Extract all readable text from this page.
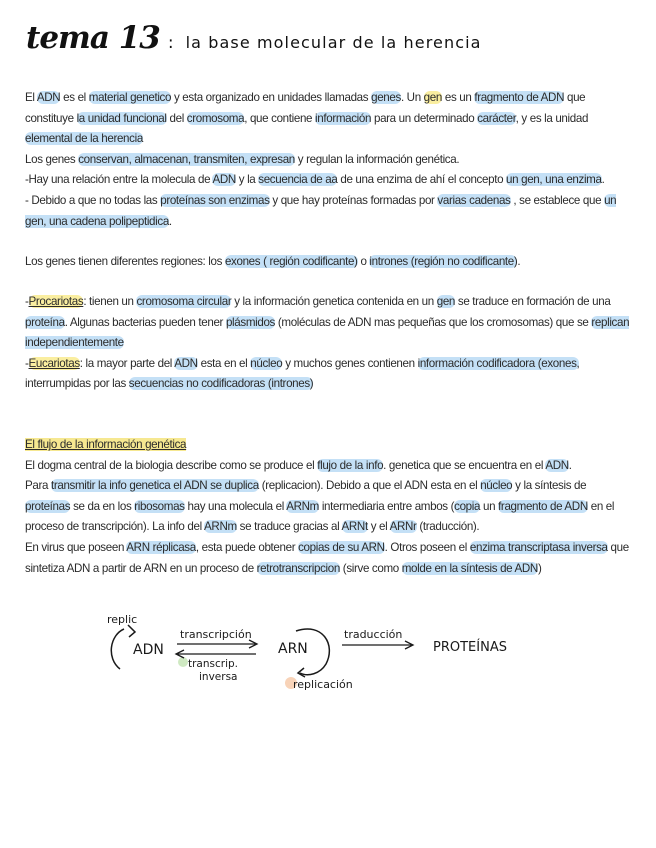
tema 13 : la base molecular de la herencia

El ADN es el material genetico y esta organizado en unidades llamadas genes. Un gen es un fragmento de ADN que constituye la unidad funcional del cromosoma, que contiene información para un determinado carácter, y es la unidad elemental de la herencia

Los genes conservan, almacenan, transmiten, expresan y regulan la información genética.

-Hay una relación entre la molecula de ADN y la secuencia de aa de una enzima de ahí el concepto un gen, una enzima.

- Debido a que no todas las proteínas son enzimas y que hay proteínas formadas por varias cadenas , se establece que un gen, una cadena polipeptidica.

Los genes tienen diferentes regiones: los exones ( región codificante) o intrones (región no codificante).

-Procariotas: tienen un cromosoma circular y la información genetica contenida en un gen se traduce en formación de una proteína. Algunas bacterias pueden tener plásmidos (moléculas de ADN mas pequeñas que los cromosomas) que se replican independientemente

-Eucariotas: la mayor parte del ADN esta en el núcleo y muchos genes contienen información codificadora (exones, interrumpidas por las secuencias no codificadoras (intrones)

El flujo de la información genética

El dogma central de la biologia describe como se produce el flujo de la info. genetica que se encuentra en el ADN.

Para transmitir la info genetica el ADN se duplica (replicacion). Debido a que el ADN esta en el núcleo y la síntesis de proteínas se da en los ribosomas hay una molecula el ARNm intermediaria entre ambos (copia un fragmento de ADN en el proceso de transcripción). La info del ARNm se traduce gracias al ARNt y el ARNr (traducción).

En virus que poseen ARN réplicasa, esta puede obtener copias de su ARN. Otros poseen el enzima transcriptasa inversa que sintetiza ADN a partir de ARN en un proceso de retrotranscripcion (sirve como molde en la síntesis de ADN)

replic
ADN
transcripción
transcrip.
inversa
ARN
replicación
traducción
PROTEÍNAS
